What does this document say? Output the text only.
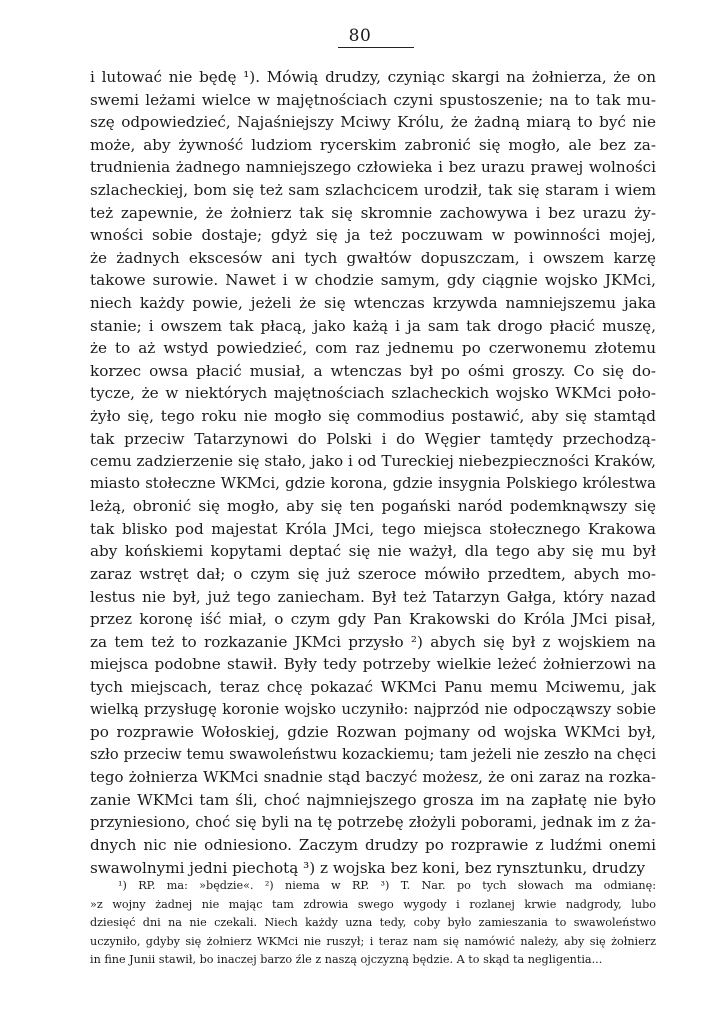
80
i lutować nie będę ¹). Mówią drudzy, czyniąc skargi na żołnierza, że on
swemi leżami wielce w majętnościach czyni spustoszenie; na to tak mu-
szę odpowiedzieć, Najaśniejszy Mciwy Królu, że żadną miarą to być nie
może, aby żywność ludziom rycerskim zabronić się mogło, ale bez za-
trudnienia żadnego namniejszego człowieka i bez urazu prawej wolności
szlacheckiej, bom się też sam szlachcicem urodził, tak się staram i wiem
też zapewnie, że żołnierz tak się skromnie zachowywa i bez urazu ży-
wności sobie dostaje; gdyż się ja też poczuwam w powinności mojej,
że żadnych ekscesów ani tych gwałtów dopuszczam, i owszem karzę
takowe surowie. Nawet i w chodzie samym, gdy ciągnie wojsko JKMci,
niech każdy powie, jeżeli że się wtenczas krzywda namniejszemu jaka
stanie; i owszem tak płacą, jako każą i ja sam tak drogo płacić muszę,
że to aż wstyd powiedzieć, com raz jednemu po czerwonemu złotemu
korzec owsa płacić musiał, a wtenczas był po ośmi groszy. Co się do-
tycze, że w niektórych majętnościach szlacheckich wojsko WKMci poło-
żyło się, tego roku nie mogło się commodius postawić, aby się stamtąd
tak przeciw Tatarzynowi do Polski i do Węgier tamtędy przechodzą-
cemu zadzierzenie się stało, jako i od Tureckiej niebezpieczności Kraków,
miasto stołeczne WKMci, gdzie korona, gdzie insygnia Polskiego królestwa
leżą, obronić się mogło, aby się ten pogański naród podemknąwszy się
tak blisko pod majestat Króla JMci, tego miejsca stołecznego Krakowa
aby końskiemi kopytami deptać się nie ważył, dla tego aby się mu był
zaraz wstręt dał; o czym się już szeroce mówiło przedtem, abych mo-
lestus nie był, już tego zaniecham. Był też Tatarzyn Gałga, który nazad
przez koronę iść miał, o czym gdy Pan Krakowski do Króla JMci pisał,
za tem też to rozkazanie JKMci przysło ²) abych się był z wojskiem na
miejsca podobne stawił. Były tedy potrzeby wielkie leżeć żołnierzowi na
tych miejscach, teraz chcę pokazać WKMci Panu memu Mciwemu, jak
wielką przysługę koronie wojsko uczyniło: najprzód nie odpocząwszy sobie
po rozprawie Wołoskiej, gdzie Rozwan pojmany od wojska WKMci był,
szło przeciw temu swawoleństwu kozackiemu; tam jeżeli nie zeszło na chęci
tego żołnierza WKMci snadnie stąd baczyć możesz, że oni zaraz na rozka-
zanie WKMci tam śli, choć najmniejszego grosza im na zapłatę nie było
przyniesiono, choć się byli na tę potrzebę złożyli poborami, jednak im z ża-
dnych nic nie odniesiono. Zaczym drudzy po rozprawie z ludźmi onemi
swawolnymi jedni piechotą ³) z wojska bez koni, bez rynsztunku, drudzy
¹) RP. ma: »będzie«. ²) niema w RP. ³) T. Nar. po tych słowach ma odmianę:
»z wojny żadnej nie mając tam zdrowia swego wygody i rozlanej krwie nadgrody, lubo
dziesięć dni na nie czekali. Niech każdy uzna tedy, coby było zamieszania to swawoleństwo
uczyniło, gdyby się żołnierz WKMci nie ruszył; i teraz nam się namówić należy, aby się żołnierz
in fine Junii stawił, bo inaczej barzo źle z naszą ojczyzną będzie. A to skąd ta negligentia...
